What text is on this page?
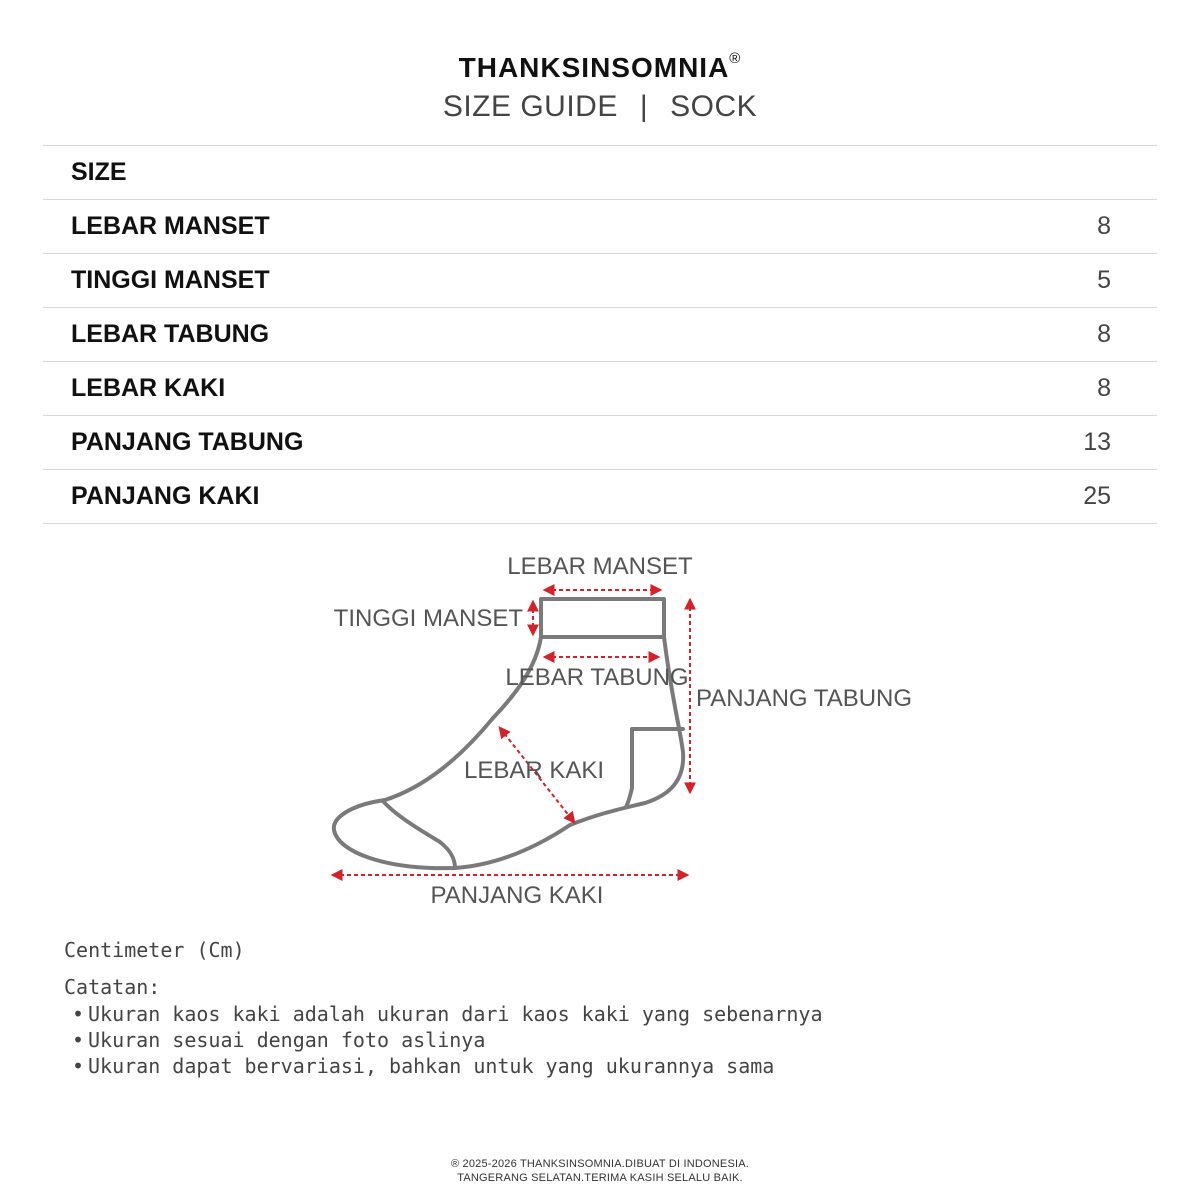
THANKSINSOMNIA®
SIZE GUIDE | SOCK
SIZE
LEBAR MANSET	8
TINGGI MANSET	5
LEBAR TABUNG	8
LEBAR KAKI	8
PANJANG TABUNG	13
PANJANG KAKI	25
LEBAR MANSET
TINGGI MANSET
LEBAR TABUNG
PANJANG TABUNG
LEBAR KAKI
PANJANG KAKI
Centimeter (Cm)
Catatan:
• Ukuran kaos kaki adalah ukuran dari kaos kaki yang sebenarnya
• Ukuran sesuai dengan foto aslinya
• Ukuran dapat bervariasi, bahkan untuk yang ukurannya sama
® 2025-2026 THANKSINSOMNIA.DIBUAT DI INDONESIA.
TANGERANG SELATAN.TERIMA KASIH SELALU BAIK.
